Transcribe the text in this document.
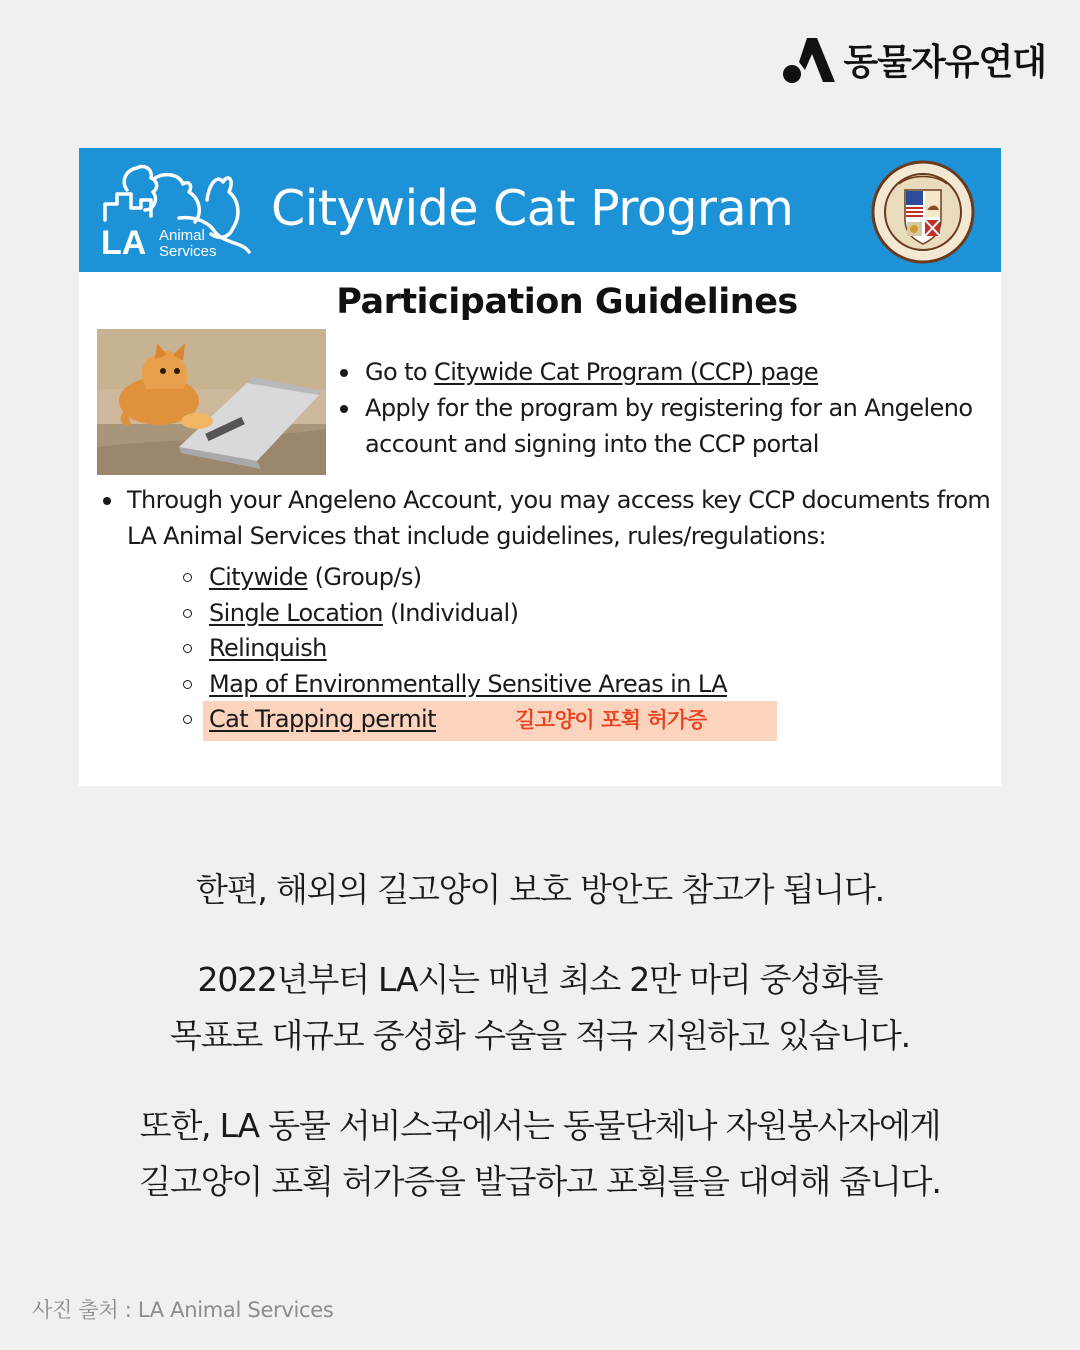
동물자유연대
LA Animal
Services
Citywide Cat Program
Participation Guidelines
Go to Citywide Cat Program (CCP) page
Apply for the program by registering for an Angeleno account and signing into the CCP portal
Through your Angeleno Account, you may access key CCP documents from LA Animal Services that include guidelines, rules/regulations:
Citywide (Group/s)
Single Location (Individual)
Relinquish
Map of Environmentally Sensitive Areas in LA
Cat Trapping permit	길고양이 포획 허가증
한편, 해외의 길고양이 보호 방안도 참고가 됩니다.
2022년부터 LA시는 매년 최소 2만 마리 중성화를
목표로 대규모 중성화 수술을 적극 지원하고 있습니다.
또한, LA 동물 서비스국에서는 동물단체나 자원봉사자에게
길고양이 포획 허가증을 발급하고 포획틀을 대여해 줍니다.
사진 출처 : LA Animal Services
